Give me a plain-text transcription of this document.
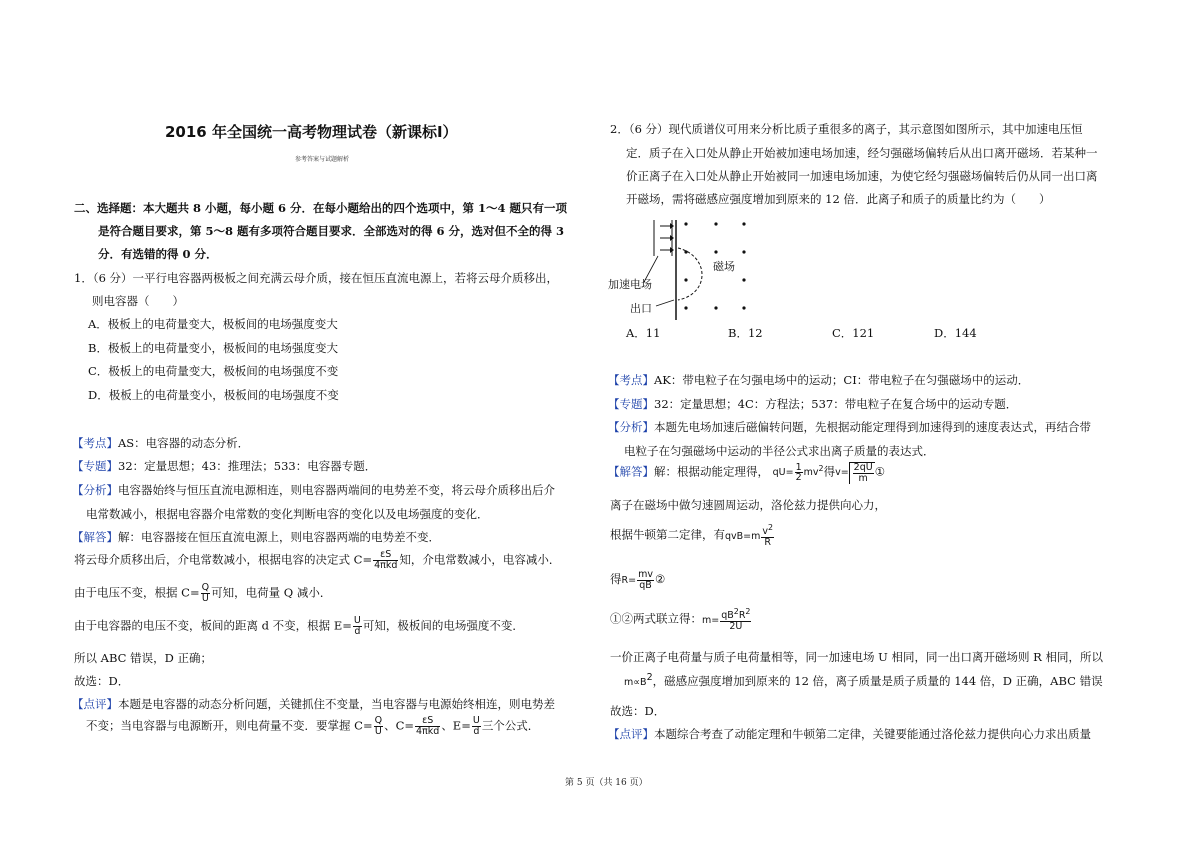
2016 年全国统一高考物理试卷（新课标Ⅰ）
参考答案与试题解析
二、选择题：本大题共 8 小题，每小题 6 分．在每小题给出的四个选项中，第 1～4 题只有一项
是符合题目要求，第 5～8 题有多项符合题目要求．全部选对的得 6 分，选对但不全的得 3
分．有选错的得 0 分．
1．（6 分）一平行电容器两极板之间充满云母介质，接在恒压直流电源上，若将云母介质移出，
则电容器（　　）
A．极板上的电荷量变大，极板间的电场强度变大
B．极板上的电荷量变小，极板间的电场强度变大
C．极板上的电荷量变大，极板间的电场强度不变
D．极板上的电荷量变小，极板间的电场强度不变
【考点】AS：电容器的动态分析．
【专题】32：定量思想；43：推理法；533：电容器专题．
【分析】电容器始终与恒压直流电源相连，则电容器两端间的电势差不变，将云母介质移出后介
电常数减小，根据电容器介电常数的变化判断电容的变化以及电场强度的变化．
【解答】解：电容器接在恒压直流电源上，则电容器两端的电势差不变．
将云母介质移出后，介电常数减小，根据电容的决定式 $C= \frac{\varepsilon S}{\text{4πkd}}$ 知，介电常数减小，电容减小．
由于电压不变，根据 $C= \frac{Q}{U}$ 可知，电荷量 Q 减小．
由于电容器的电压不变，板间的距离 d 不变，根据 $E= \frac{U}{d}$ 可知，极板间的电场强度不变．
所以 ABC 错误，D 正确；
故选：D．
【点评】本题是电容器的动态分析问题，关键抓住不变量，当电容器与电源始终相连，则电势差
不变；当电容器与电源断开，则电荷量不变．要掌握 $C= \frac{Q}{U}$ 、$C= \frac{\varepsilon S}{\text{4πkd}}$ 、$E= \frac{U}{d}$ 三个公式．
2．（6 分）现代质谱仪可用来分析比质子重很多的离子，其示意图如图所示，其中加速电压恒
定．质子在入口处从静止开始被加速电场加速，经匀强磁场偏转后从出口离开磁场．若某种一
价正离子在入口处从静止开始被同一加速电场加速，为使它经匀强磁场偏转后仍从同一出口离
开磁场，需将磁感应强度增加到原来的 12 倍．此离子和质子的质量比约为（　　）
磁场
加速电场
出口
A．11	B．12	C．121	D．144
【考点】AK：带电粒子在匀强电场中的运动；CI：带电粒子在匀强磁场中的运动．
【专题】32：定量思想；4C：方程法；537：带电粒子在复合场中的运动专题．
【分析】本题先电场加速后磁偏转问题，先根据动能定理得到加速得到的速度表达式，再结合带
电粒子在匀强磁场中运动的半径公式求出离子质量的表达式．
【解答】解：根据动能定理得， $qU= \frac{1}{2} mv^2$得$v= \frac{2qU}{m}$ ①
离子在磁场中做匀速圆周运动，洛伦兹力提供向心力，
根据牛顿第二定律，有$qvB=m \frac{v^2}{R}$
得$R= \frac{mv}{qB}$ ②
①②两式联立得：$m= \frac{qB^2R^2}{2U}$
一价正离子电荷量与质子电荷量相等，同一加速电场 U 相同，同一出口离开磁场则 R 相同，所以
$m\propto B^2$，磁感应强度增加到原来的 12 倍，离子质量是质子质量的 144 倍，D 正确，ABC 错误
故选：D．
【点评】本题综合考查了动能定理和牛顿第二定律，关键要能通过洛伦兹力提供向心力求出质量
第 5 页（共 16 页）
